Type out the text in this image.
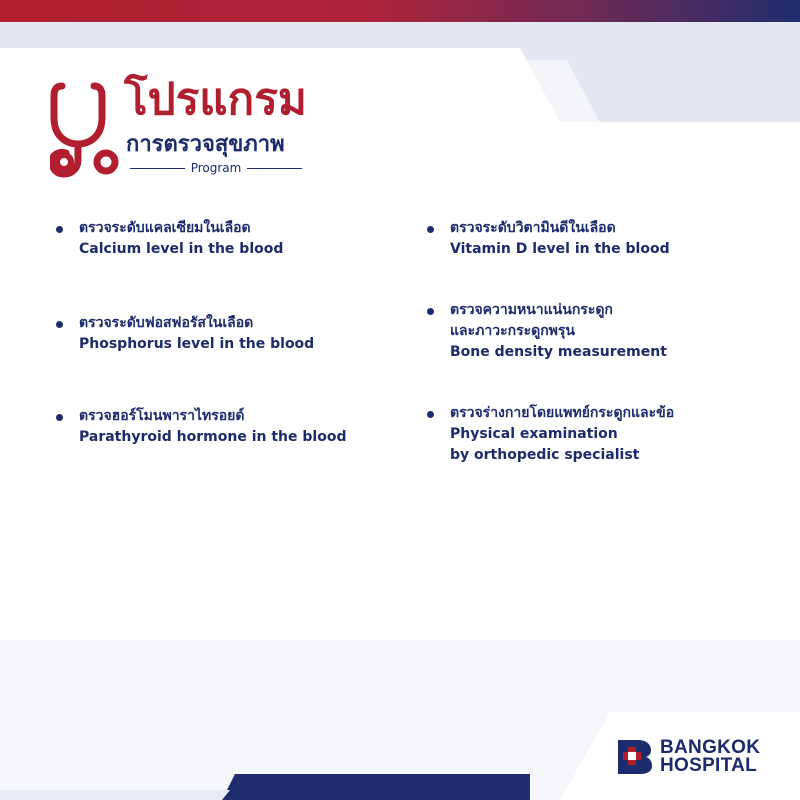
โปรแกรม
การตรวจสุขภาพ
Program
ตรวจระดับแคลเซียมในเลือด
Calcium level in the blood
ตรวจระดับฟอสฟอรัสในเลือด
Phosphorus level in the blood
ตรวจฮอร์โมนพาราไทรอยด์
Parathyroid hormone in the blood
ตรวจระดับวิตามินดีในเลือด
Vitamin D level in the blood
ตรวจความหนาแน่นกระดูก
และภาวะกระดูกพรุน
Bone density measurement
ตรวจร่างกายโดยแพทย์กระดูกและข้อ
Physical examination
by orthopedic specialist
BANGKOK
HOSPITAL
